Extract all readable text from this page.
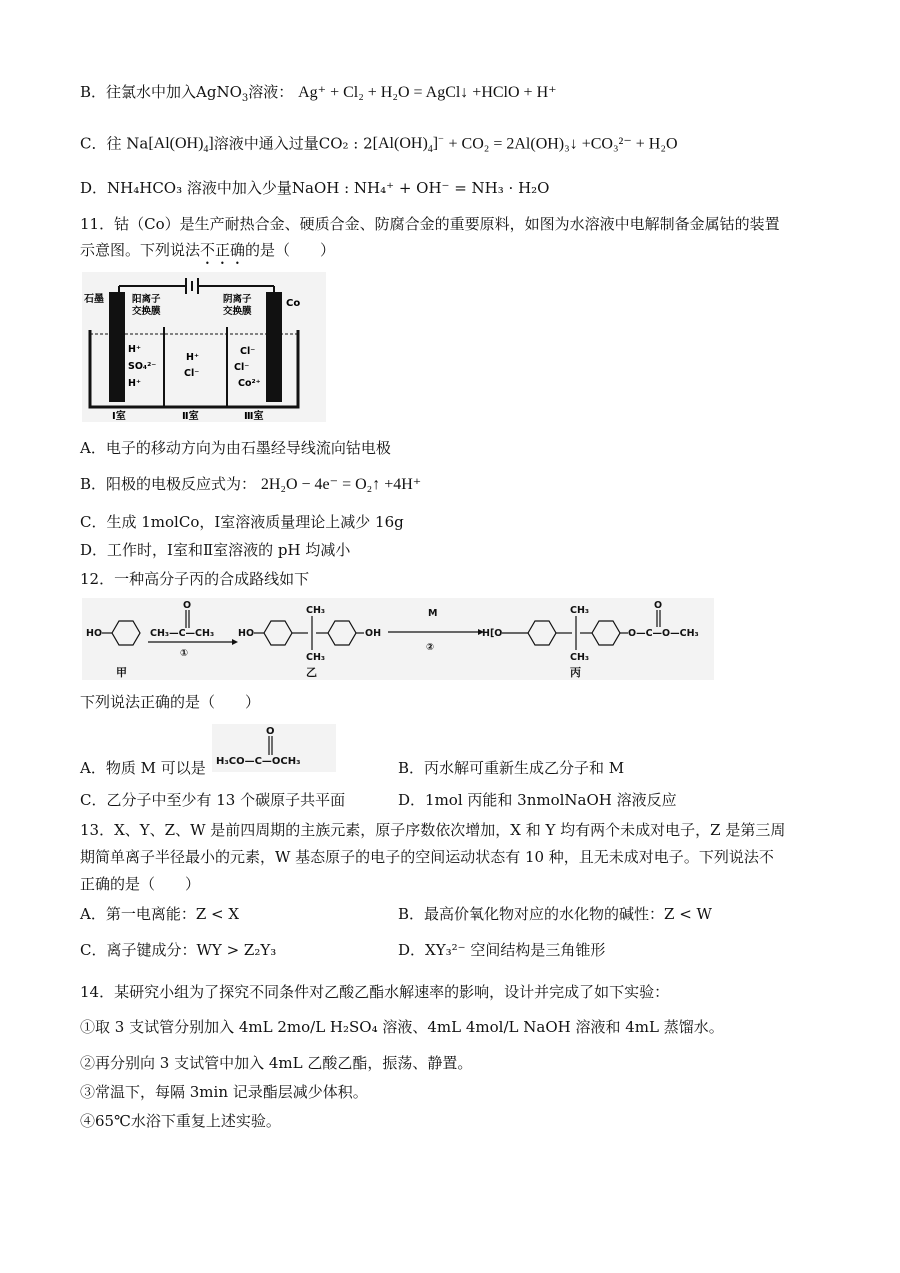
B．往氯水中加入AgNO$_3$溶液： Ag⁺ + Cl₂ + H₂O = AgCl↓ +HClO + H⁺
C．往 $Na[Al(OH)_4]$溶液中通入过量CO₂ : $2[Al(OH)_4]^- + CO_2$ = 2Al(OH)₃↓ +CO₃²⁻ + H₂O
D．NH₄HCO₃ 溶液中加入少量NaOH : NH₄⁺ + OH⁻ = NH₃ · H₂O
11．钴（Co）是生产耐热合金、硬质合金、防腐合金的重要原料，如图为水溶液中电解制备金属钴的装置
示意图。下列说法不正确的是（　　）
石墨	Co
阳离子
交换膜
阴离子
交换膜
H⁺
SO₄²⁻
H⁺
H⁺
Cl⁻
Cl⁻
Cl⁻
Co²⁺
Ⅰ室	Ⅱ室	Ⅲ室
A．电子的移动方向为由石墨经导线流向钴电极
B．阳极的电极反应式为： 2H₂O − 4e⁻ = O₂↑ +4H⁺
C．生成 1molCo，Ⅰ室溶液质量理论上减少 16g
D．工作时，Ⅰ室和Ⅱ室溶液的 pH 均减小
12．一种高分子丙的合成路线如下
HO	CH₃—C—CH₃
O
①
HO
CH₃
CH₃
OH
M
②
H[O
CH₃
CH₃
O—C—O—CH₃
O
甲	乙	丙
下列说法正确的是（　　）
A．物质 M 可以是 H₃CO—C—OCH₃
O
B．丙水解可重新生成乙分子和 M
C．乙分子中至少有 13 个碳原子共平面	D．1mol 丙能和 3nmolNaOH 溶液反应
13．X、Y、Z、W 是前四周期的主族元素，原子序数依次增加，X 和 Y 均有两个未成对电子，Z 是第三周
期简单离子半径最小的元素，W 基态原子的电子的空间运动状态有 10 种，且无未成对电子。下列说法不
正确的是（　　）
A．第一电离能：Z < X	B．最高价氧化物对应的水化物的碱性：Z < W
C．离子键成分：WY > Z₂Y₃	D．XY₃²⁻ 空间结构是三角锥形
14．某研究小组为了探究不同条件对乙酸乙酯水解速率的影响，设计并完成了如下实验：
①取 3 支试管分别加入 4mL 2mo/L H₂SO₄ 溶液、4mL 4mol/L NaOH 溶液和 4mL 蒸馏水。
②再分别向 3 支试管中加入 4mL 乙酸乙酯，振荡、静置。
③常温下，每隔 3min 记录酯层减少体积。
④65℃水浴下重复上述实验。
